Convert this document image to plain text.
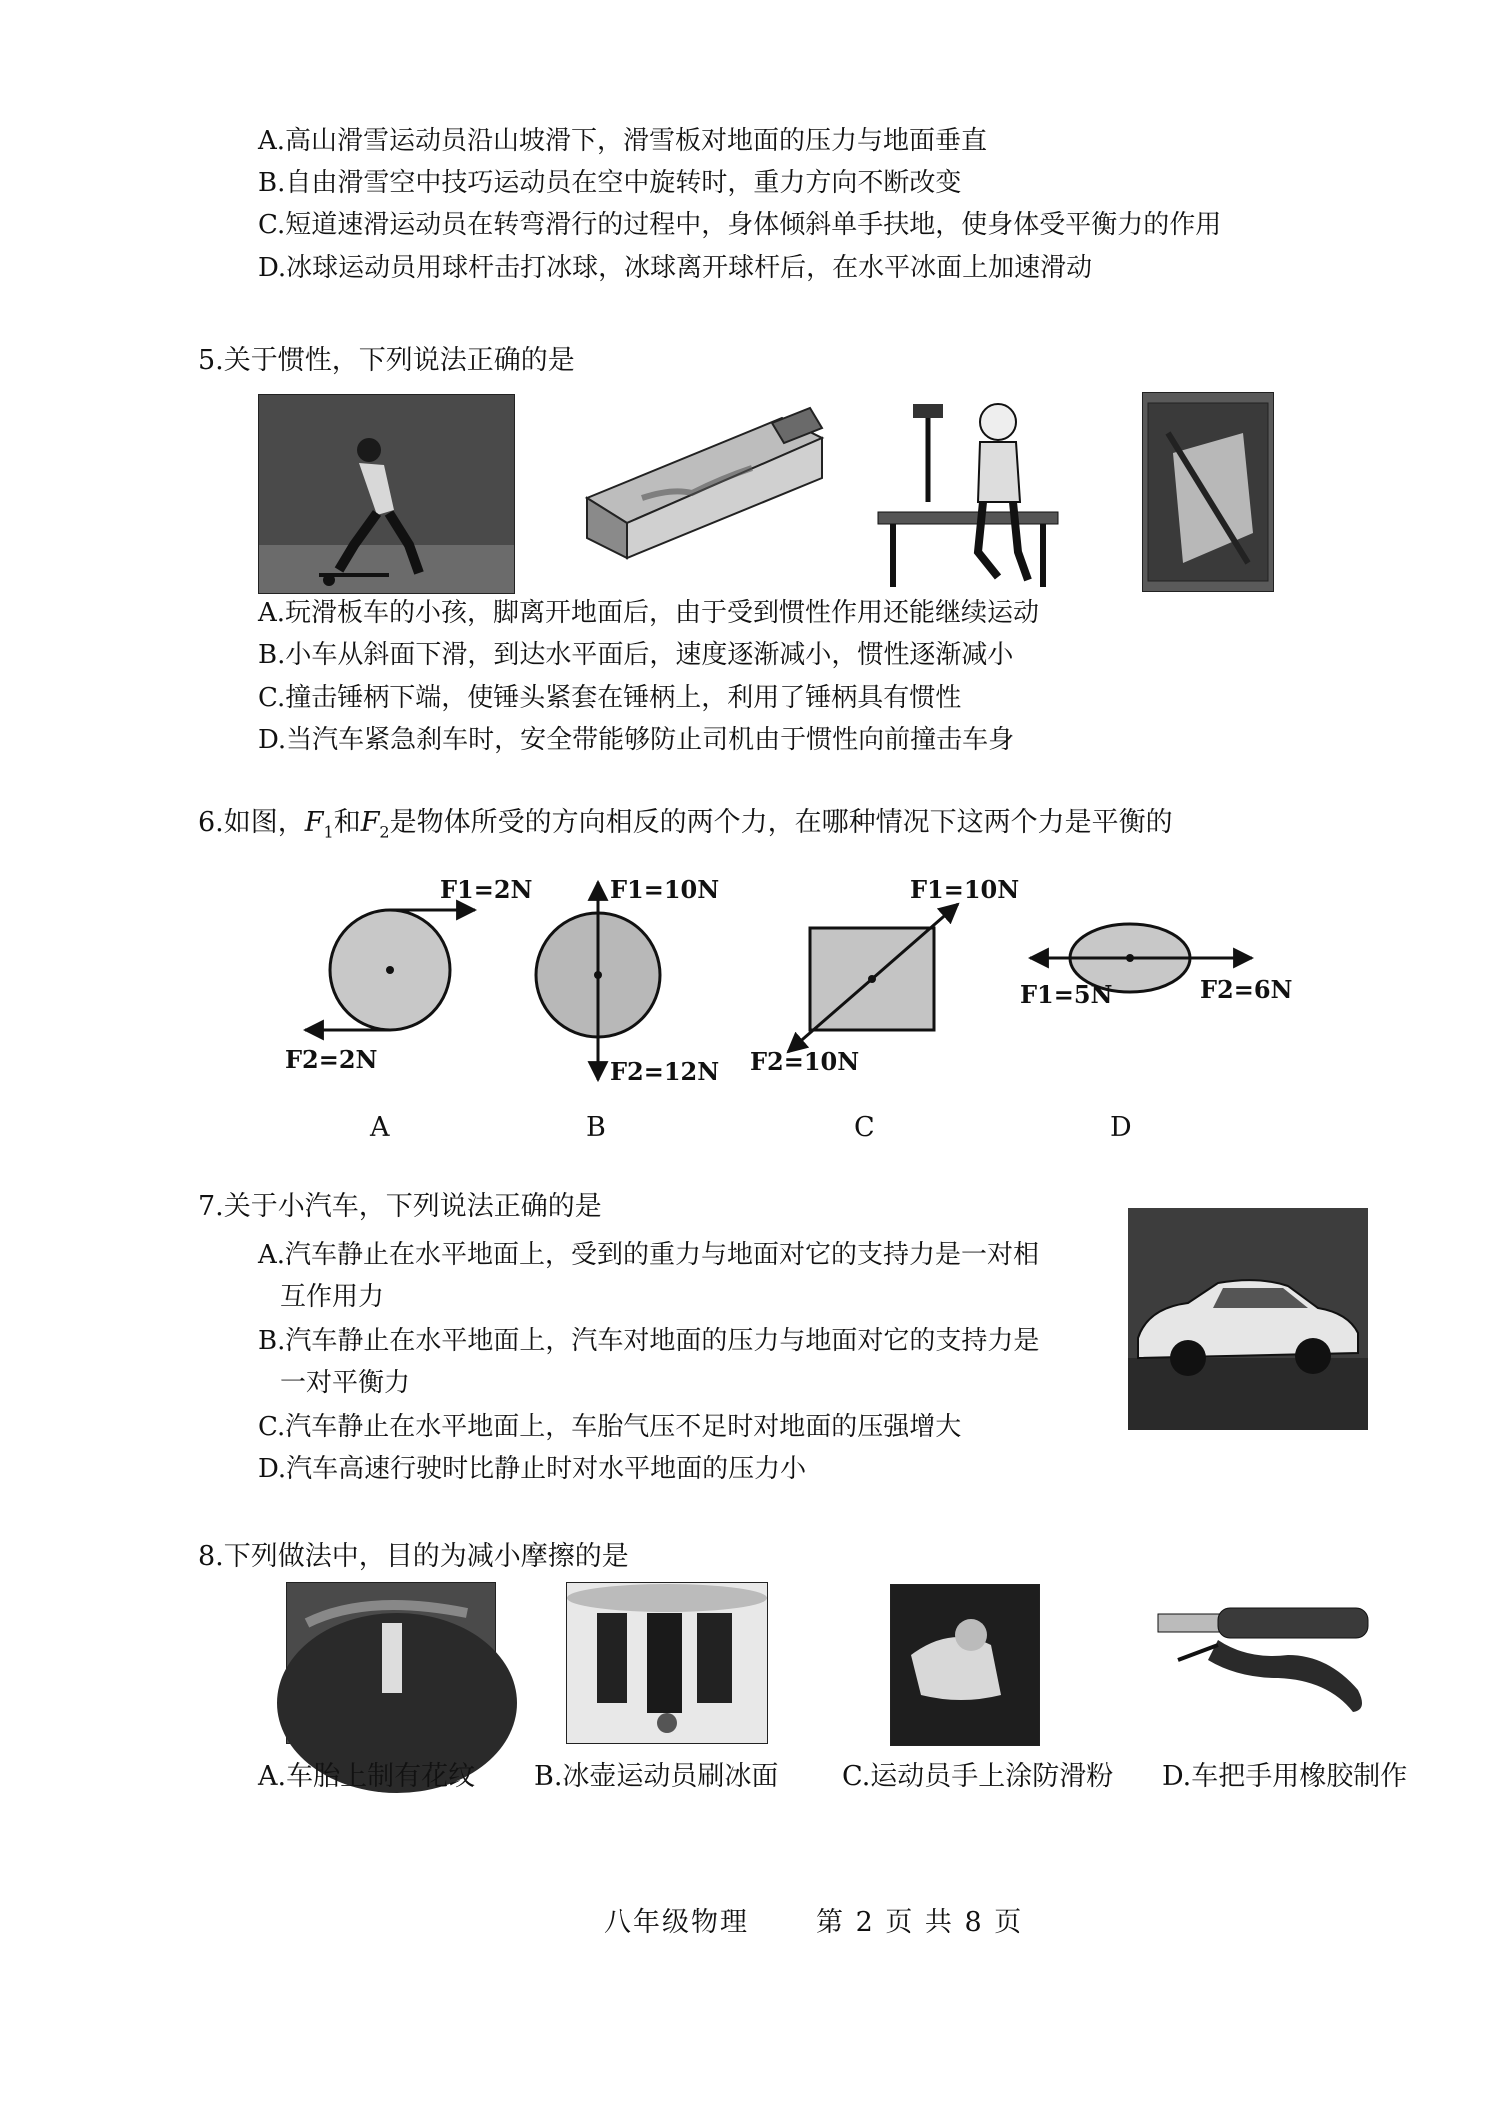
A.高山滑雪运动员沿山坡滑下，滑雪板对地面的压力与地面垂直
B.自由滑雪空中技巧运动员在空中旋转时，重力方向不断改变
C.短道速滑运动员在转弯滑行的过程中，身体倾斜单手扶地，使身体受平衡力的作用
D.冰球运动员用球杆击打冰球，冰球离开球杆后，在水平冰面上加速滑动
5.关于惯性，下列说法正确的是
A.玩滑板车的小孩，脚离开地面后，由于受到惯性作用还能继续运动
B.小车从斜面下滑，到达水平面后，速度逐渐减小，惯性逐渐减小
C.撞击锤柄下端，使锤头紧套在锤柄上，利用了锤柄具有惯性
D.当汽车紧急刹车时，安全带能够防止司机由于惯性向前撞击车身
6.如图，$F_1$和$F_2$是物体所受的方向相反的两个力，在哪种情况下这两个力是平衡的
F1=2N
F2=2N
A
F1=10N
F2=12N
B
F1=10N
F2=10N
C
F1=5N	F2=6N
D
7.关于小汽车，下列说法正确的是
A.汽车静止在水平地面上，受到的重力与地面对它的支持力是一对相
互作用力
B.汽车静止在水平地面上，汽车对地面的压力与地面对它的支持力是
一对平衡力
C.汽车静止在水平地面上，车胎气压不足时对地面的压强增大
D.汽车高速行驶时比静止时对水平地面的压力小
8.下列做法中，目的为减小摩擦的是
A.车胎上制有花纹 B.冰壶运动员刷冰面 C.运动员手上涂防滑粉 D.车把手用橡胶制作
八年级物理 第 2 页 共 8 页
